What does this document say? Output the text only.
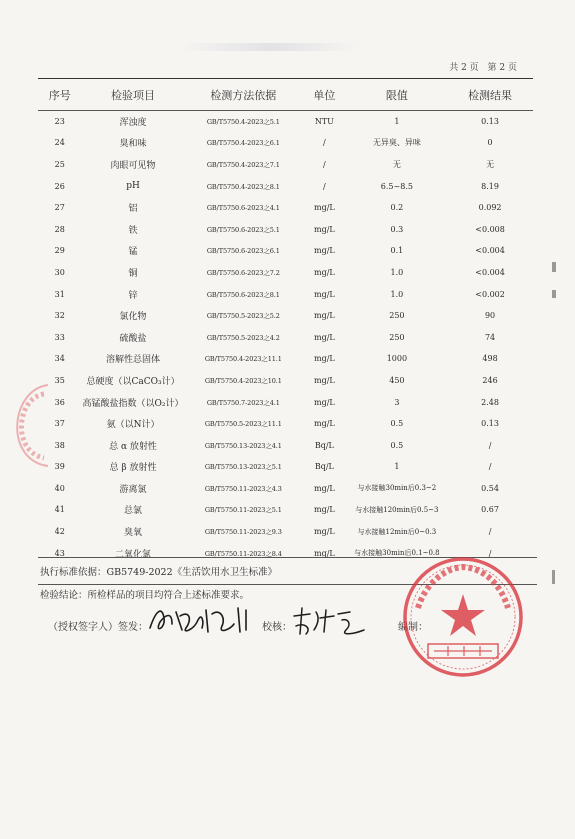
共 2 页 第 2 页
序号	检验项目	检测方法依据	单位	限值	检测结果
23	浑浊度	GB/T5750.4-2023之5.1	NTU	1	0.13
24	臭和味	GB/T5750.4-2023之6.1	/	无异臭、异味	0
25	肉眼可见物	GB/T5750.4-2023之7.1	/	无	无
26	pH	GB/T5750.4-2023之8.1	/	6.5~8.5	8.19
27	铝	GB/T5750.6-2023之4.1	mg/L	0.2	0.092
28	铁	GB/T5750.6-2023之5.1	mg/L	0.3	<0.008
29	锰	GB/T5750.6-2023之6.1	mg/L	0.1	<0.004
30	铜	GB/T5750.6-2023之7.2	mg/L	1.0	<0.004
31	锌	GB/T5750.6-2023之8.1	mg/L	1.0	<0.002
32	氯化物	GB/T5750.5-2023之5.2	mg/L	250	90
33	硫酸盐	GB/T5750.5-2023之4.2	mg/L	250	74
34	溶解性总固体	GB/T5750.4-2023之11.1	mg/L	1000	498
35	总硬度（以CaCO₃计）	GB/T5750.4-2023之10.1	mg/L	450	246
36	高锰酸盐指数（以O₂计）	GB/T5750.7-2023之4.1	mg/L	3	2.48
37	氨（以N计）	GB/T5750.5-2023之11.1	mg/L	0.5	0.13
38	总 α 放射性	GB/T5750.13-2023之4.1	Bq/L	0.5	/
39	总 β 放射性	GB/T5750.13-2023之5.1	Bq/L	1	/
40	游离氯	GB/T5750.11-2023之4.3	mg/L	与水接触30min后0.3~2	0.54
41	总氯	GB/T5750.11-2023之5.1	mg/L	与水接触120min后0.5~3	0.67
42	臭氧	GB/T5750.11-2023之9.3	mg/L	与水接触12min后0~0.3	/
43	二氧化氯	GB/T5750.11-2023之8.4	mg/L	与水接触30min后0.1~0.8	/
执行标准依据：GB5749-2022《生活饮用水卫生标准》
检验结论：所检样品的项目均符合上述标准要求。
（授权签字人）签发：	校核：	编制：
